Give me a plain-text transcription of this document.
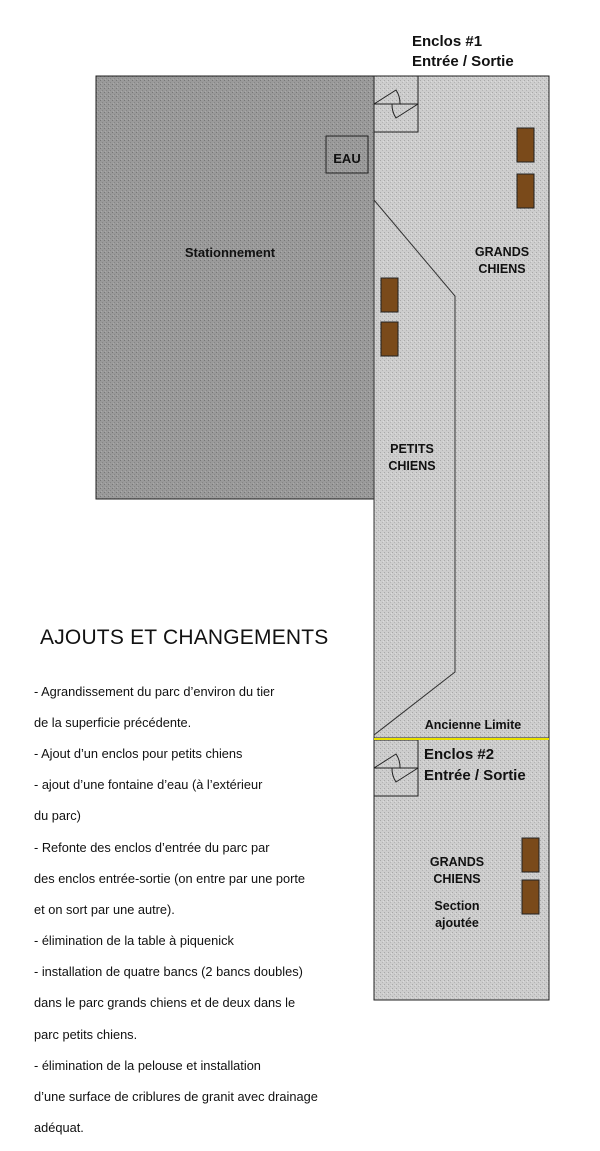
Enclos #1
Entrée / Sortie
Stationnement
EAU
GRANDS
CHIENS
PETITS
CHIENS
Ancienne Limite
Enclos #2
Entrée / Sortie
GRANDS
CHIENS
Section
ajoutée
AJOUTS ET CHANGEMENTS

- Agrandissement du parc d’environ du tier

de la superficie précédente.

- Ajout d’un enclos pour petits chiens

- ajout d’une fontaine d’eau (à l’extérieur

du parc)

- Refonte des enclos d’entrée du parc par

des enclos entrée-sortie (on entre par une porte

et on sort par une autre).

- élimination de la table à piquenick

- installation de quatre bancs (2 bancs doubles)

dans le parc grands chiens et de deux dans le

parc petits chiens.

- élimination de la pelouse et installation

d’une surface de criblures de granit avec drainage

adéquat.
